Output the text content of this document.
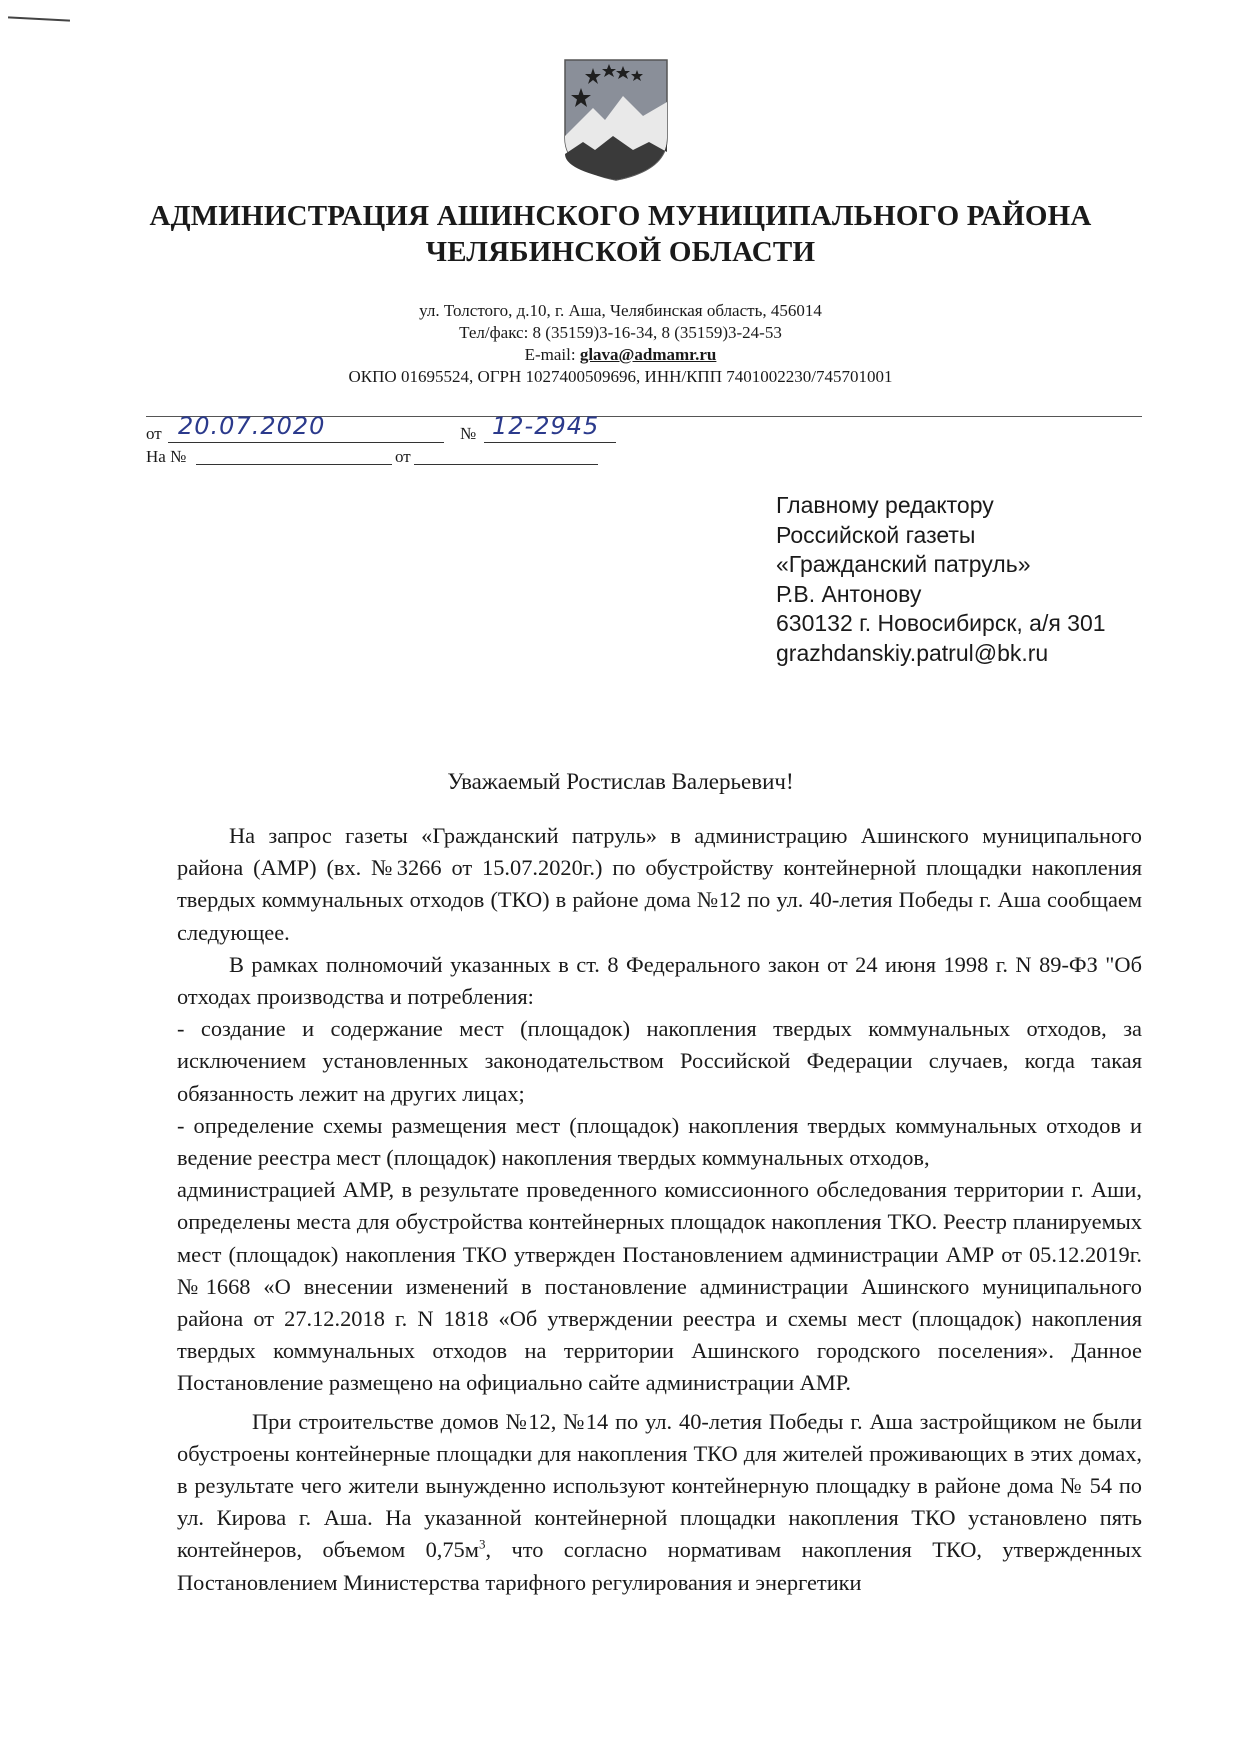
АДМИНИСТРАЦИЯ АШИНСКОГО МУНИЦИПАЛЬНОГО РАЙОНА
ЧЕЛЯБИНСКОЙ ОБЛАСТИ
ул. Толстого, д.10, г. Аша, Челябинская область, 456014
Тел/факс: 8 (35159)3-16-34, 8 (35159)3-24-53
E-mail: glava@admamr.ru
ОКПО 01695524, ОГРН 1027400509696, ИНН/КПП 7401002230/745701001
от 20.07.2020	№ 12-2945
На №	от
Главному редактору
Российской газеты
«Гражданский патруль»
Р.В. Антонову
630132 г. Новосибирск, а/я 301
grazhdanskiy.patrul@bk.ru
Уважаемый Ростислав Валерьевич!

На запрос газеты «Гражданский патруль» в администрацию Ашинского муниципального района (АМР) (вх. №3266 от 15.07.2020г.) по обустройству контейнерной площадки накопления твердых коммунальных отходов (ТКО) в районе дома №12 по ул. 40-летия Победы г. Аша сообщаем следующее.

В рамках полномочий указанных в ст. 8 Федерального закон от 24 июня 1998 г. N 89-ФЗ "Об отходах производства и потребления:

- создание и содержание мест (площадок) накопления твердых коммунальных отходов, за исключением установленных законодательством Российской Федерации случаев, когда такая обязанность лежит на других лицах;

- определение схемы размещения мест (площадок) накопления твердых коммунальных отходов и ведение реестра мест (площадок) накопления твердых коммунальных отходов,

администрацией АМР, в результате проведенного комиссионного обследования территории г. Аши, определены места для обустройства контейнерных площадок накопления ТКО. Реестр планируемых мест (площадок) накопления ТКО утвержден Постановлением администрации АМР от 05.12.2019г. №1668 «О внесении изменений в постановление администрации Ашинского муниципального района от 27.12.2018 г. N 1818 «Об утверждении реестра и схемы мест (площадок) накопления твердых коммунальных отходов на территории Ашинского городского поселения». Данное Постановление размещено на официально сайте администрации АМР.

При строительстве домов №12, №14 по ул. 40-летия Победы г. Аша застройщиком не были обустроены контейнерные площадки для накопления ТКО для жителей проживающих в этих домах, в результате чего жители вынужденно используют контейнерную площадку в районе дома № 54 по ул. Кирова г. Аша. На указанной контейнерной площадки накопления ТКО установлено пять контейнеров, объемом $0,75м^3$, что согласно нормативам накопления ТКО, утвержденных Постановлением Министерства тарифного регулирования и энергетики
